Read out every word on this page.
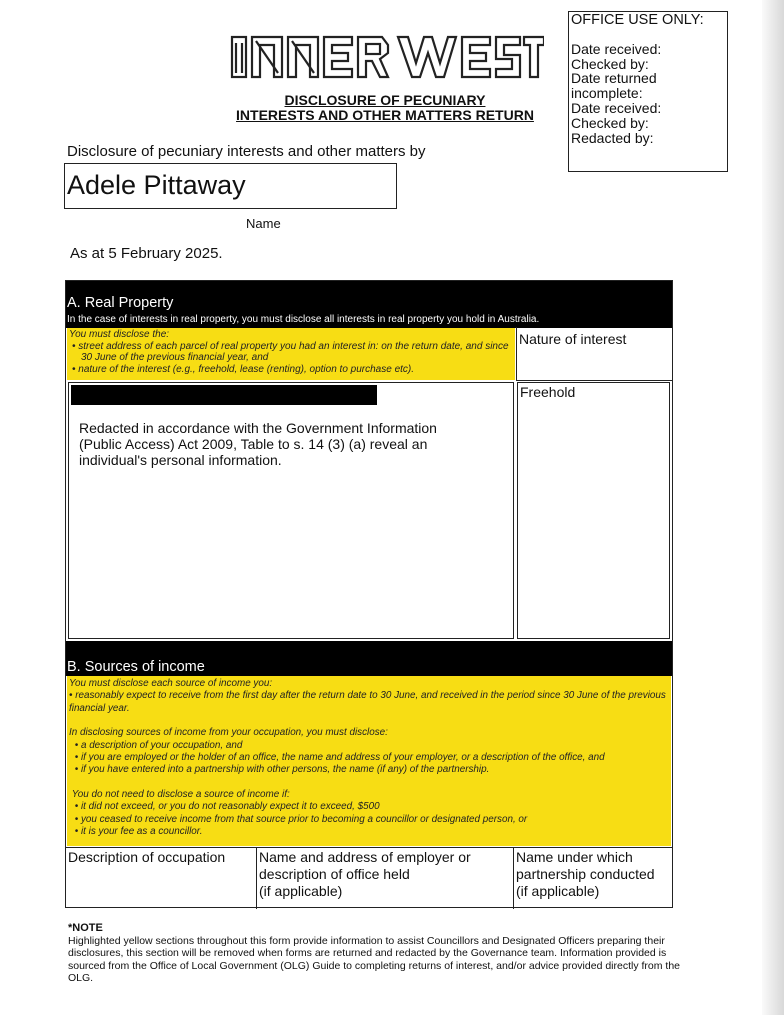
OFFICE USE ONLY:
Date received:
Checked by:
Date returned
incomplete:
Date received:
Checked by:
Redacted by:
DISCLOSURE OF PECUNIARY
INTERESTS AND OTHER MATTERS RETURN
Disclosure of pecuniary interests and other matters by
Adele Pittaway
Name
As at 5 February 2025.
A. Real Property
In the case of interests in real property, you must disclose all interests in real property you hold in Australia.
You must disclose the:
• street address of each parcel of real property you had an interest in: on the return date, and since 30 June of the previous financial year, and
• nature of the interest (e.g., freehold, lease (renting), option to purchase etc).
Nature of interest
Redacted in accordance with the Government Information (Public Access) Act 2009, Table to s. 14 (3) (a) reveal an individual's personal information.
Freehold
B. Sources of income
You must disclose each source of income you:
• reasonably expect to receive from the first day after the return date to 30 June, and received in the period since 30 June of the previous financial year.
In disclosing sources of income from your occupation, you must disclose:
• a description of your occupation, and
• if you are employed or the holder of an office, the name and address of your employer, or a description of the office, and
• if you have entered into a partnership with other persons, the name (if any) of the partnership.
You do not need to disclose a source of income if:
• it did not exceed, or you do not reasonably expect it to exceed, $500
• you ceased to receive income from that source prior to becoming a councillor or designated person, or
• it is your fee as a councillor.
Description of occupation	Name and address of employer or
description of office held
(if applicable)
Name under which
partnership conducted
(if applicable)
*NOTE
Highlighted yellow sections throughout this form provide information to assist Councillors and Designated Officers preparing their disclosures, this section will be removed when forms are returned and redacted by the Governance team. Information provided is sourced from the Office of Local Government (OLG) Guide to completing returns of interest, and/or advice provided directly from the OLG.
